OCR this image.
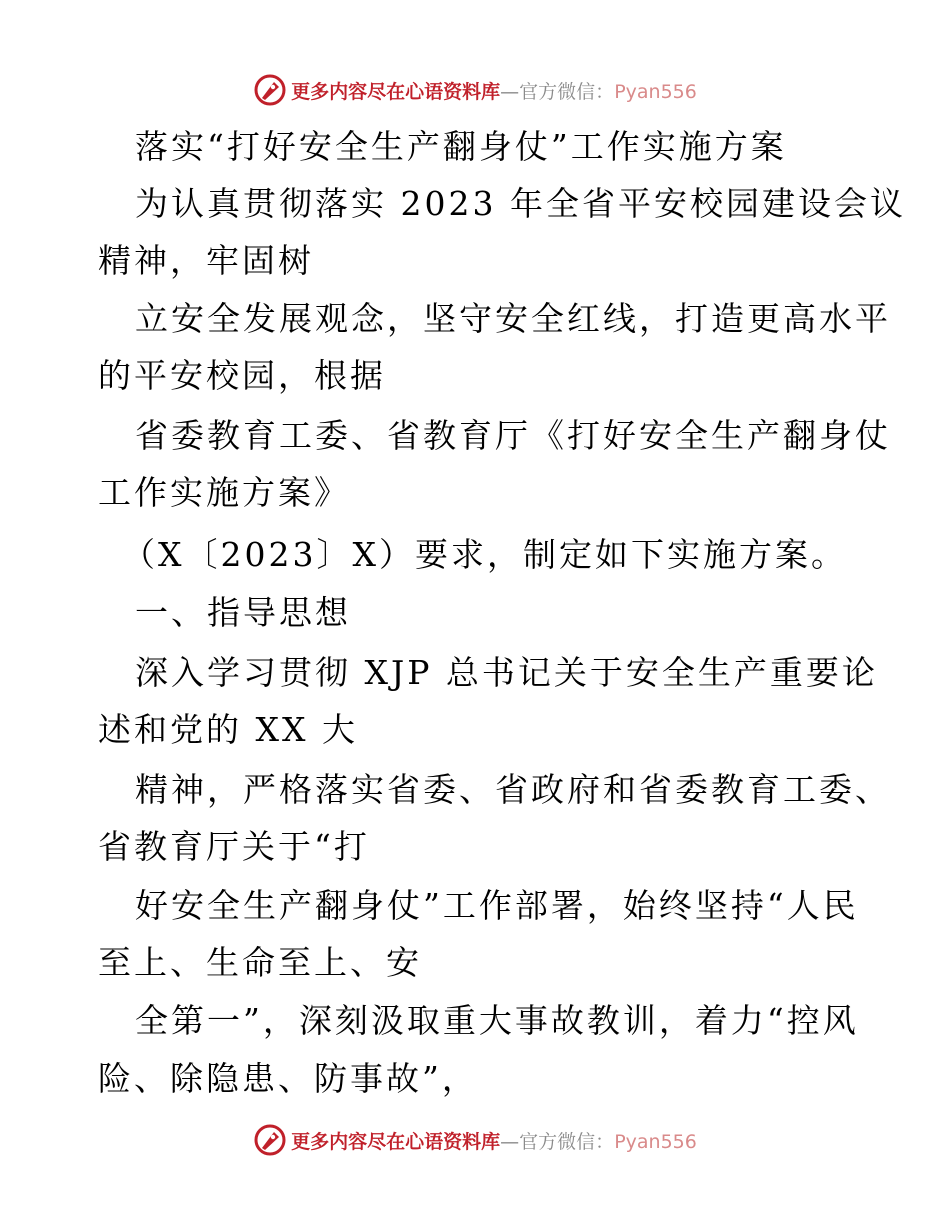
更多内容尽在心语资料库—官方微信：Pyan556
落实“打好安全生产翻身仗”工作实施方案
为认真贯彻落实 2023 年全省平安校园建设会议
精神，牢固树
立安全发展观念，坚守安全红线，打造更高水平
的平安校园，根据
省委教育工委、省教育厅《打好安全生产翻身仗
工作实施方案》
（X〔2023〕X）要求，制定如下实施方案。
一、指导思想
深入学习贯彻 XJP 总书记关于安全生产重要论
述和党的 XX 大
精神，严格落实省委、省政府和省委教育工委、
省教育厅关于“打
好安全生产翻身仗”工作部署，始终坚持“人民
至上、生命至上、安
全第一”，深刻汲取重大事故教训，着力“控风
险、除隐患、防事故”，
更多内容尽在心语资料库—官方微信：Pyan556
